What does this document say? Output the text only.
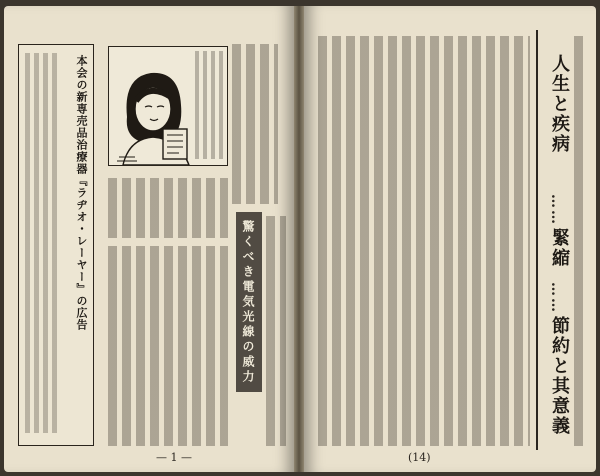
本会の新専売品治療器『ラヂオ・レーヤー』の広告	驚くべき電気光線の威力
— 1 —
人生と疾病
……
緊縮
……
節約と其意義
(14)
